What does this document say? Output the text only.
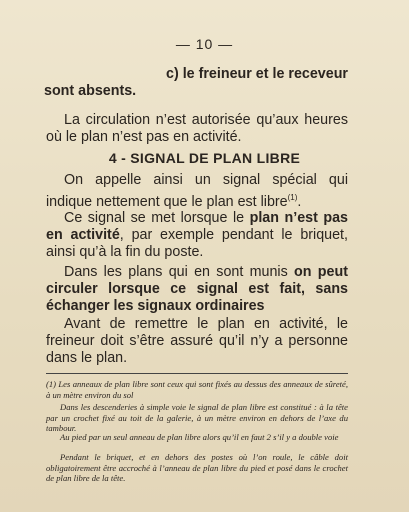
— 10 —

c) le freineur et le receveur

sont absents.

La circulation n’est autorisée qu’aux heures où le plan n’est pas en activité.

4 - SIGNAL DE PLAN LIBRE

On appelle ainsi un signal spécial qui indique nettement que le plan est libre$^{(1)}$.

Ce signal se met lorsque le plan n’est pas en activité, par exemple pendant le briquet, ainsi qu’à la fin du poste.

Dans les plans qui en sont munis on peut circuler lorsque ce signal est fait, sans échanger les signaux ordinaires

Avant de remettre le plan en activité, le freineur doit s’être assuré qu’il n’y a personne dans le plan.

(1) Les anneaux de plan libre sont ceux qui sont fixés au dessus des anneaux de sûreté, à un mètre environ du sol

Dans les descenderies à simple voie le signal de plan libre est constitué : à la tête par un crochet fixé au toit de la galerie, à un mètre environ en dehors de l’axe du tambour.

Au pied par un seul anneau de plan libre alors qu’il en faut 2 s’il y a double voie

Pendant le briquet, et en dehors des postes où l’on roule, le câble doit obligatoirement être accroché à l’anneau de plan libre du pied et posé dans le crochet de plan libre de la tête.
